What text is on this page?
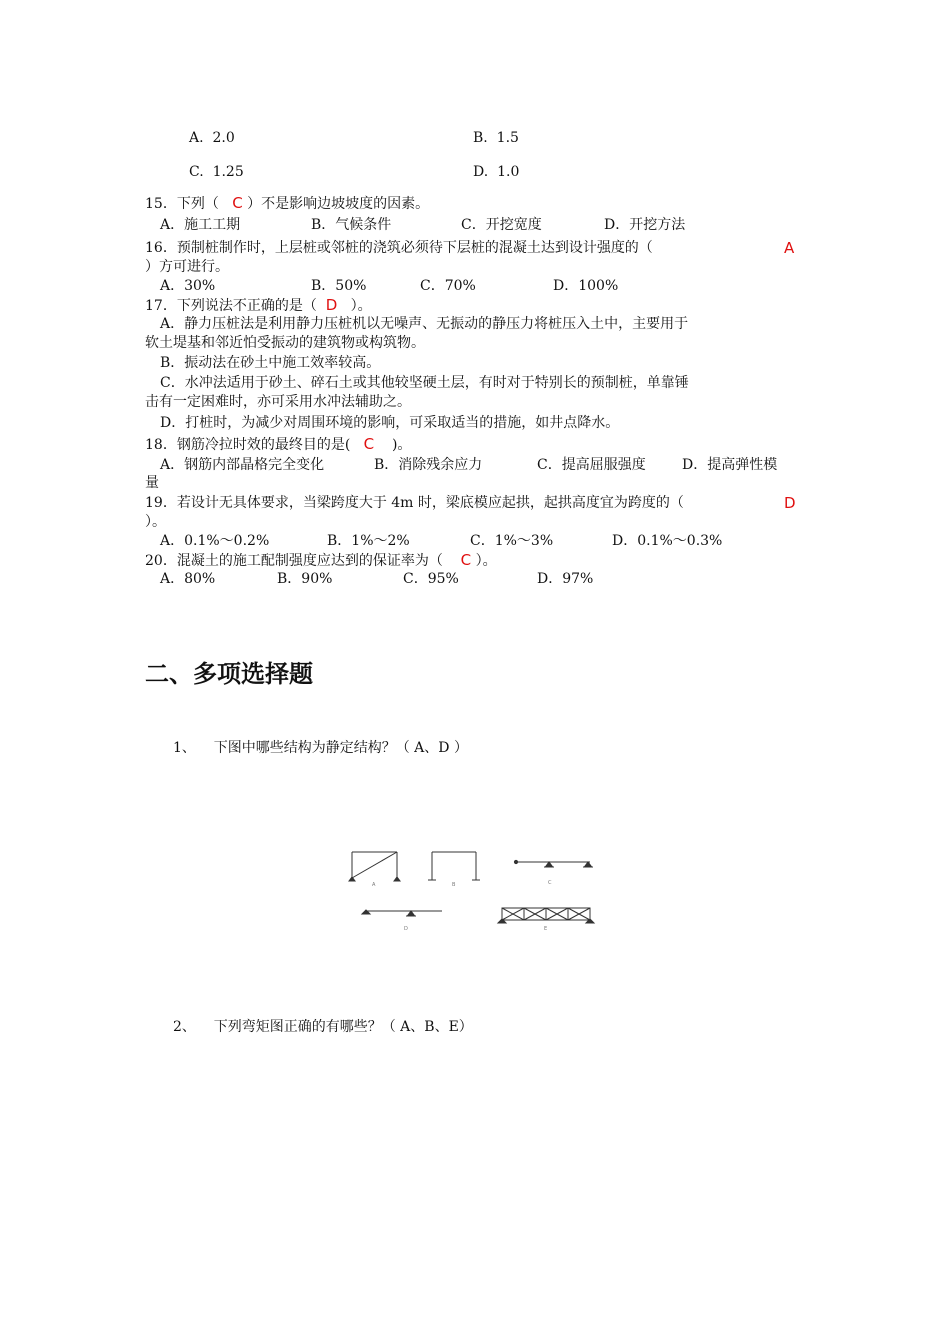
A. 2.0	B. 1.5
C. 1.25	D. 1.0
15．下列（ C ）不是影响边坡坡度的因素。
A．施工工期	B．气候条件	C．开挖宽度	D．开挖方法
16．预制桩制作时，上层桩或邻桩的浇筑必须待下层桩的混凝土达到设计强度的（	A
）方可进行。
A．30%	B．50%	C．70%	D．100%
17．下列说法不正确的是（ D ）。
A．静力压桩法是利用静力压桩机以无噪声、无振动的静压力将桩压入土中，主要用于
软土堤基和邻近怕受振动的建筑物或构筑物。
B．振动法在砂土中施工效率较高。
C．水冲法适用于砂土、碎石土或其他较坚硬土层，有时对于特别长的预制桩，单靠锤
击有一定困难时，亦可采用水冲法辅助之。
D．打桩时，为减少对周围环境的影响，可采取适当的措施，如井点降水。
18．钢筋冷拉时效的最终目的是( C )。
A．钢筋内部晶格完全变化	B．消除残余应力	C．提高屈服强度	D．提高弹性模
量
19．若设计无具体要求，当梁跨度大于 4m 时，梁底模应起拱，起拱高度宜为跨度的（	D
）。
A．0.1%～0.2%	B．1%～2%	C．1%～3%	D．0.1%～0.3%
20．混凝土的施工配制强度应达到的保证率为（ C ）。
A．80%	B．90%	C．95%	D．97%
二、多项选择题
1、 下图中哪些结构为静定结构？（ A、D ）
A	B	C
D	E
2、 下列弯矩图正确的有哪些？（ A、B、E）
